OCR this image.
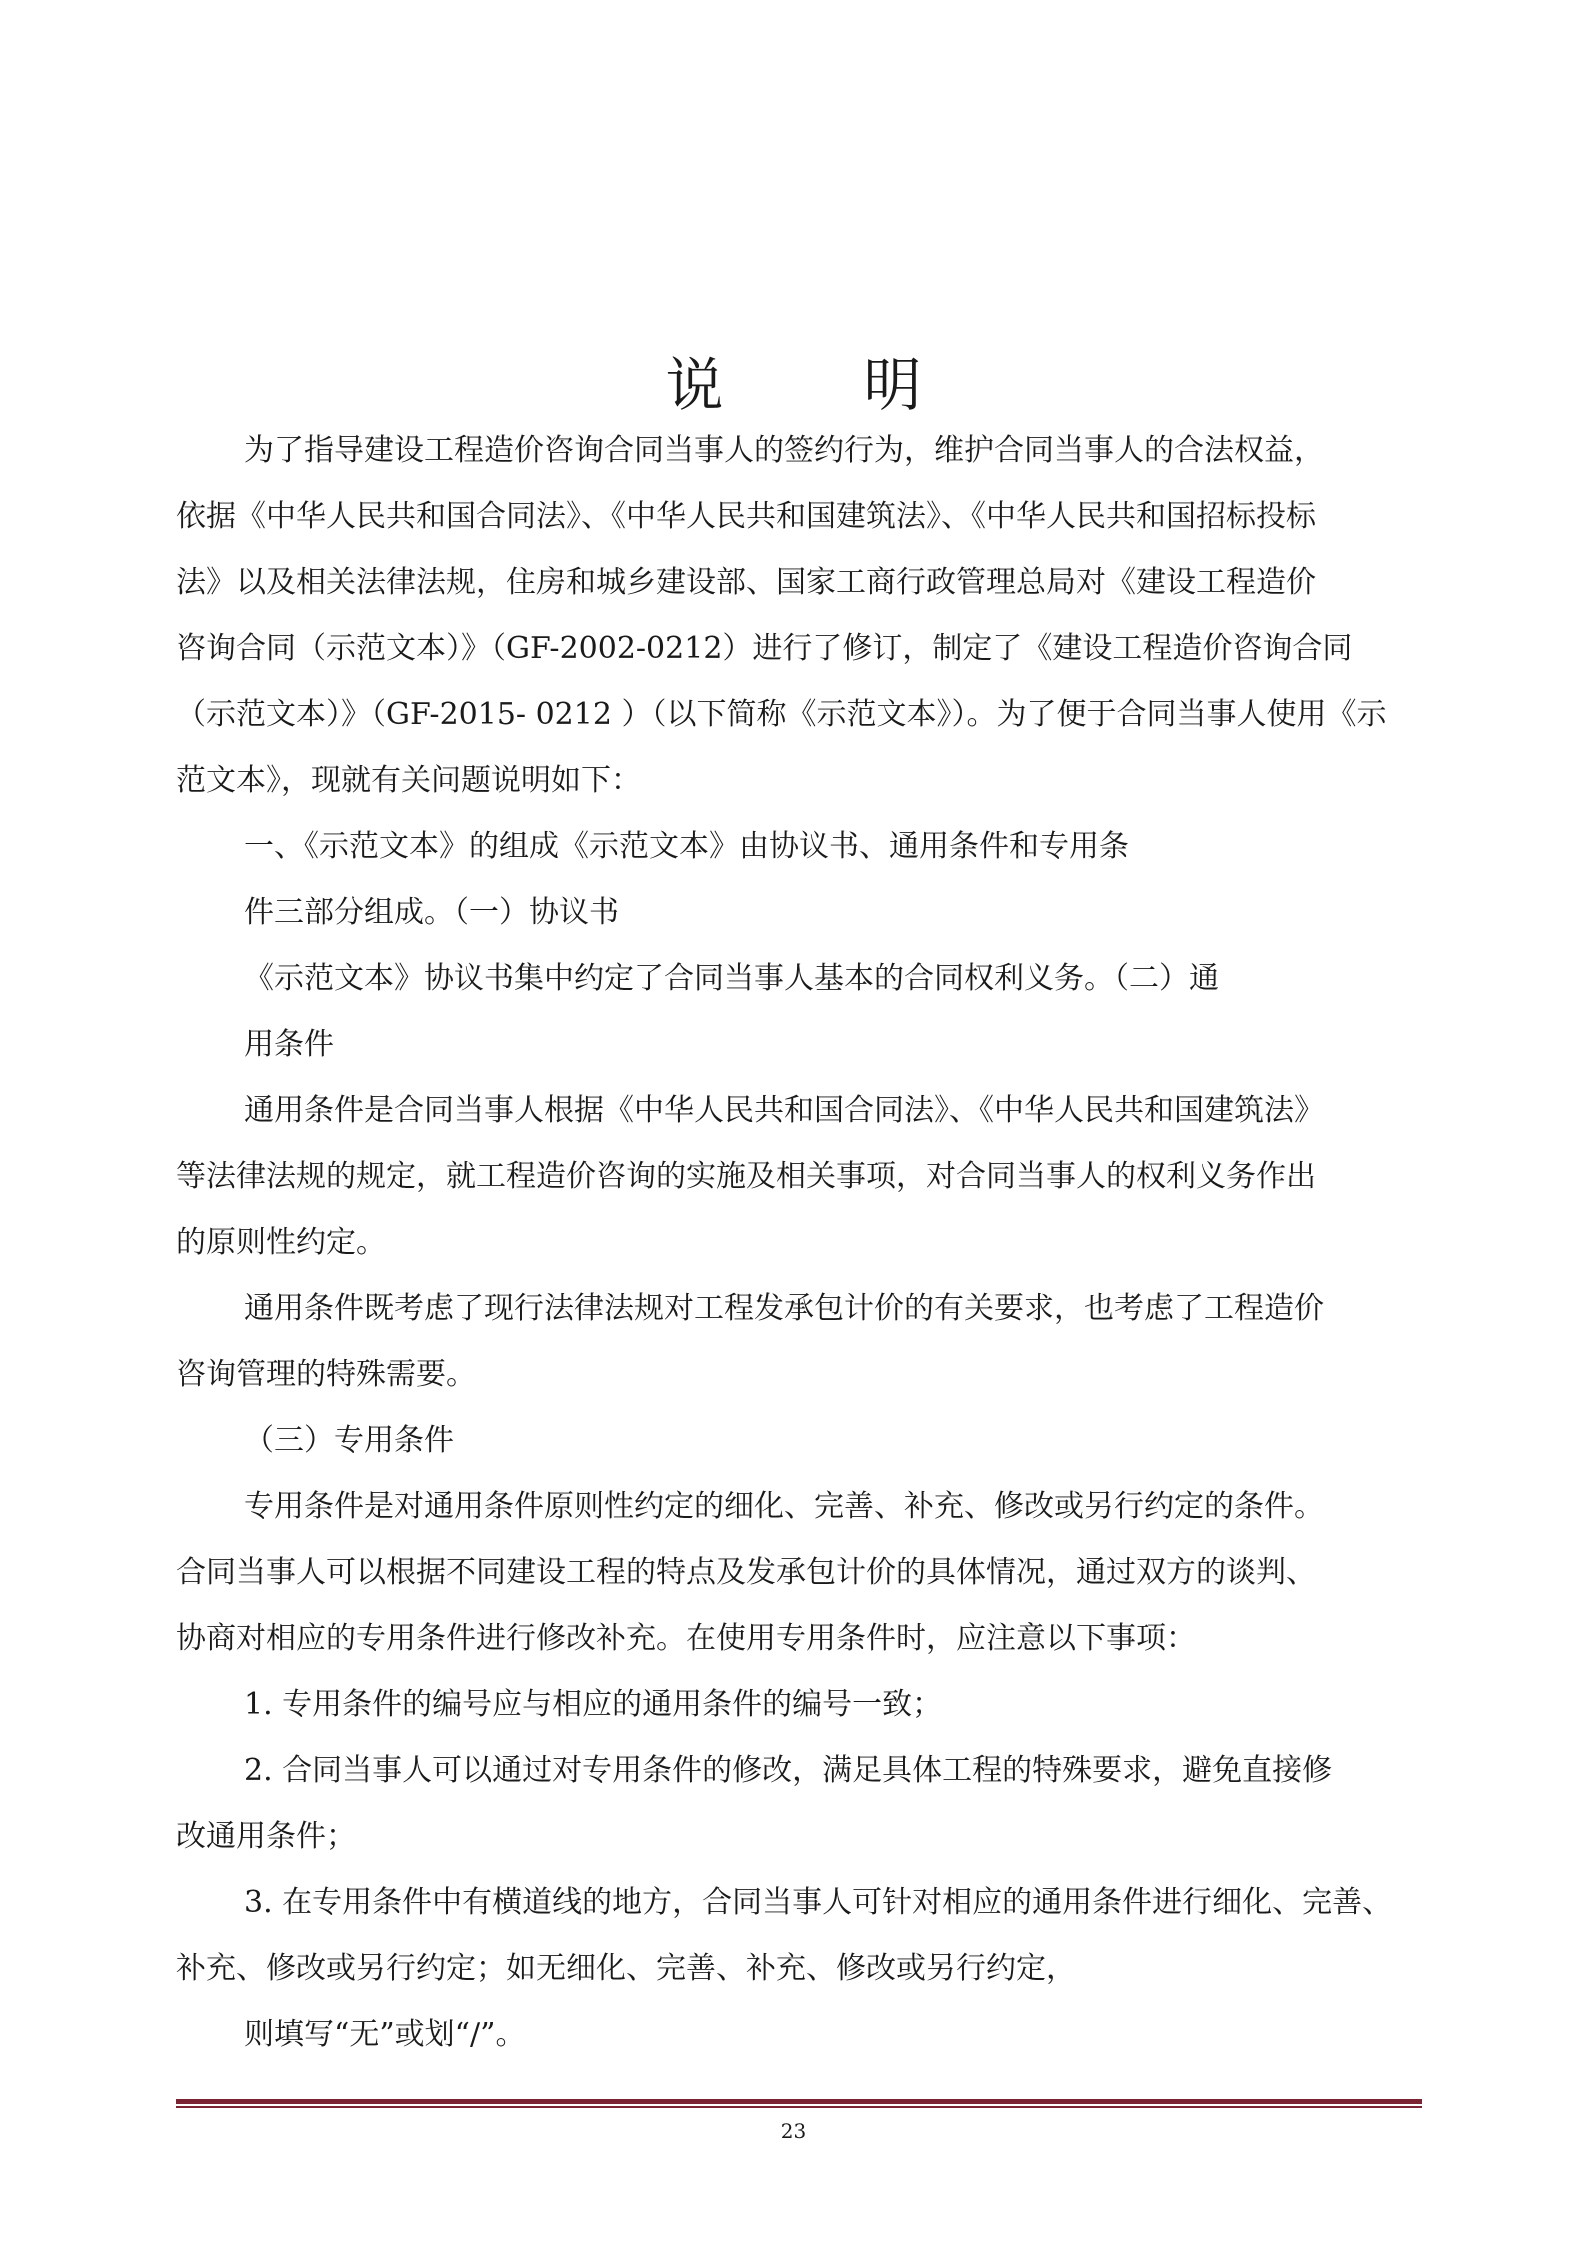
说明
为了指导建设工程造价咨询合同当事人的签约行为，维护合同当事人的合法权益，
依据《中华人民共和国合同法》、《中华人民共和国建筑法》、《中华人民共和国招标投标
法》以及相关法律法规，住房和城乡建设部、国家工商行政管理总局对《建设工程造价
咨询合同（示范文本）》（GF-2002-0212）进行了修订，制定了《建设工程造价咨询合同
（示范文本）》（GF-2015- 0212 ）（以下简称《示范文本》）。为了便于合同当事人使用《示
范文本》，现就有关问题说明如下：
一、《示范文本》的组成《示范文本》由协议书、通用条件和专用条
件三部分组成。（一）协议书
《示范文本》协议书集中约定了合同当事人基本的合同权利义务。（二）通
用条件
通用条件是合同当事人根据《中华人民共和国合同法》、《中华人民共和国建筑法》
等法律法规的规定，就工程造价咨询的实施及相关事项，对合同当事人的权利义务作出
的原则性约定。
通用条件既考虑了现行法律法规对工程发承包计价的有关要求，也考虑了工程造价
咨询管理的特殊需要。
（三）专用条件
专用条件是对通用条件原则性约定的细化、完善、补充、修改或另行约定的条件。
合同当事人可以根据不同建设工程的特点及发承包计价的具体情况，通过双方的谈判、
协商对相应的专用条件进行修改补充。在使用专用条件时，应注意以下事项：
1. 专用条件的编号应与相应的通用条件的编号一致；
2. 合同当事人可以通过对专用条件的修改，满足具体工程的特殊要求，避免直接修
改通用条件；
3. 在专用条件中有横道线的地方，合同当事人可针对相应的通用条件进行细化、完善、
补充、修改或另行约定；如无细化、完善、补充、修改或另行约定，
则填写“无”或划“/”。
23
